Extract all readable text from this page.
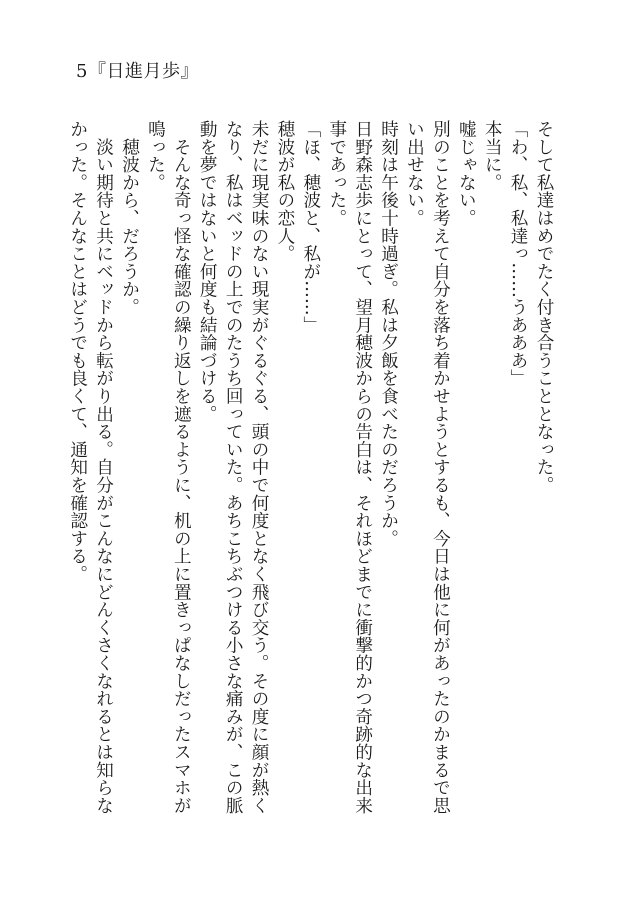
5『日進月歩』

そして私達はめでたく付き合うこととなった。

「わ、私、私達っ……うあああ」

本当に。

嘘じゃない。

別のことを考えて自分を落ち着かせようとするも、今日は他に何があったのかまるで思い出せない。

時刻は午後十時過ぎ。私は夕飯を食べたのだろうか。

日野森志歩にとって、望月穂波からの告白は、それほどまでに衝撃的かつ奇跡的な出来事であった。

「ほ、穂波と、私が……」

穂波が私の恋人。

未だに現実味のない現実がぐるぐる、頭の中で何度となく飛び交う。その度に顔が熱くなり、私はベッドの上でのたうち回っていた。あちこちぶつける小さな痛みが、この脈動を夢ではないと何度も結論づける。

　そんな奇っ怪な確認の繰り返しを遮るように、机の上に置きっぱなしだったスマホが鳴った。

　穂波から、だろうか。

　淡い期待と共にベッドから転がり出る。自分がこんなにどんくさくなれるとは知らなかった。そんなことはどうでも良くて、通知を確認する。
